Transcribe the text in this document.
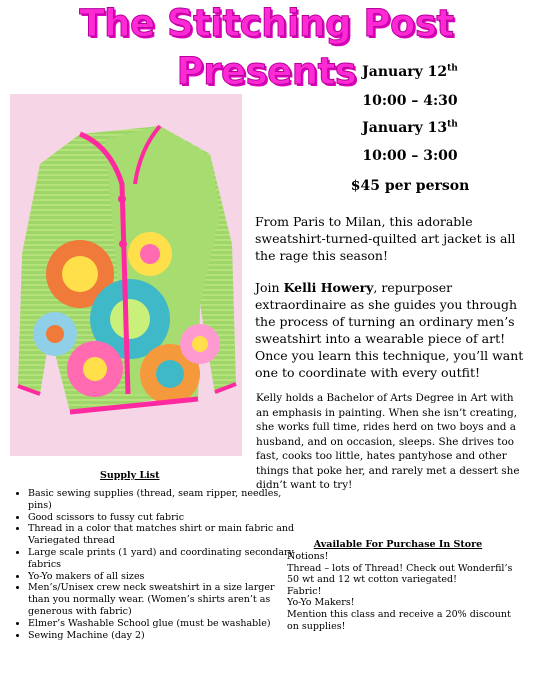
The Stitching Post Presents January 12th
10:00 – 4:30
January 13th
10:00 – 3:00
$45 per person
From Paris to Milan, this adorable sweatshirt-turned-quilted art jacket is all the rage this season!
Join Kelli Howery, repurposer extraordinaire as she guides you through the process of turning an ordinary men’s sweatshirt into a wearable piece of art! Once you learn this technique, you’ll want one to coordinate with every outfit!
Kelly holds a Bachelor of Arts Degree in Art with an emphasis in painting. When she isn’t creating, she works full time, rides herd on two boys and a husband, and on occasion, sleeps. She drives too fast, cooks too little, hates pantyhose and other things that poke her, and rarely met a dessert she didn’t want to try!
Supply List
• Basic sewing supplies (thread, seam ripper, needles, pins)
• Good scissors to fussy cut fabric
• Thread in a color that matches shirt or main fabric and Variegated thread
• Large scale prints (1 yard) and coordinating secondary fabrics
• Yo-Yo makers of all sizes
• Men’s/Unisex crew neck sweatshirt in a size larger than you normally wear. (Women’s shirts aren’t as generous with fabric)
• Elmer’s Washable School glue (must be washable)
• Sewing Machine (day 2)
Available For Purchase In Store
Notions!
Thread – lots of Thread! Check out Wonderfil’s 50 wt and 12 wt cotton variegated!
Fabric!
Yo-Yo Makers!
Mention this class and receive a 20% discount on supplies!
